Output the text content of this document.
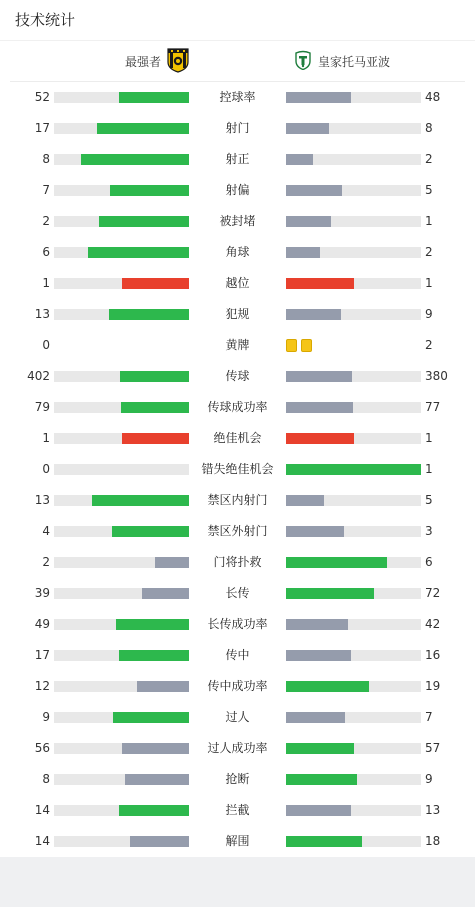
技术统计
最强者	皇家托马亚波
52	控球率	48
17	射门	8
8	射正	2
7	射偏	5
2	被封堵	1
6	角球	2
1	越位	1
13	犯规	9
0	黄牌	2
402	传球	380
79	传球成功率	77
1	绝佳机会	1
0	错失绝佳机会	1
13	禁区内射门	5
4	禁区外射门	3
2	门将扑救	6
39	长传	72
49	长传成功率	42
17	传中	16
12	传中成功率	19
9	过人	7
56	过人成功率	57
8	抢断	9
14	拦截	13
14	解围	18
